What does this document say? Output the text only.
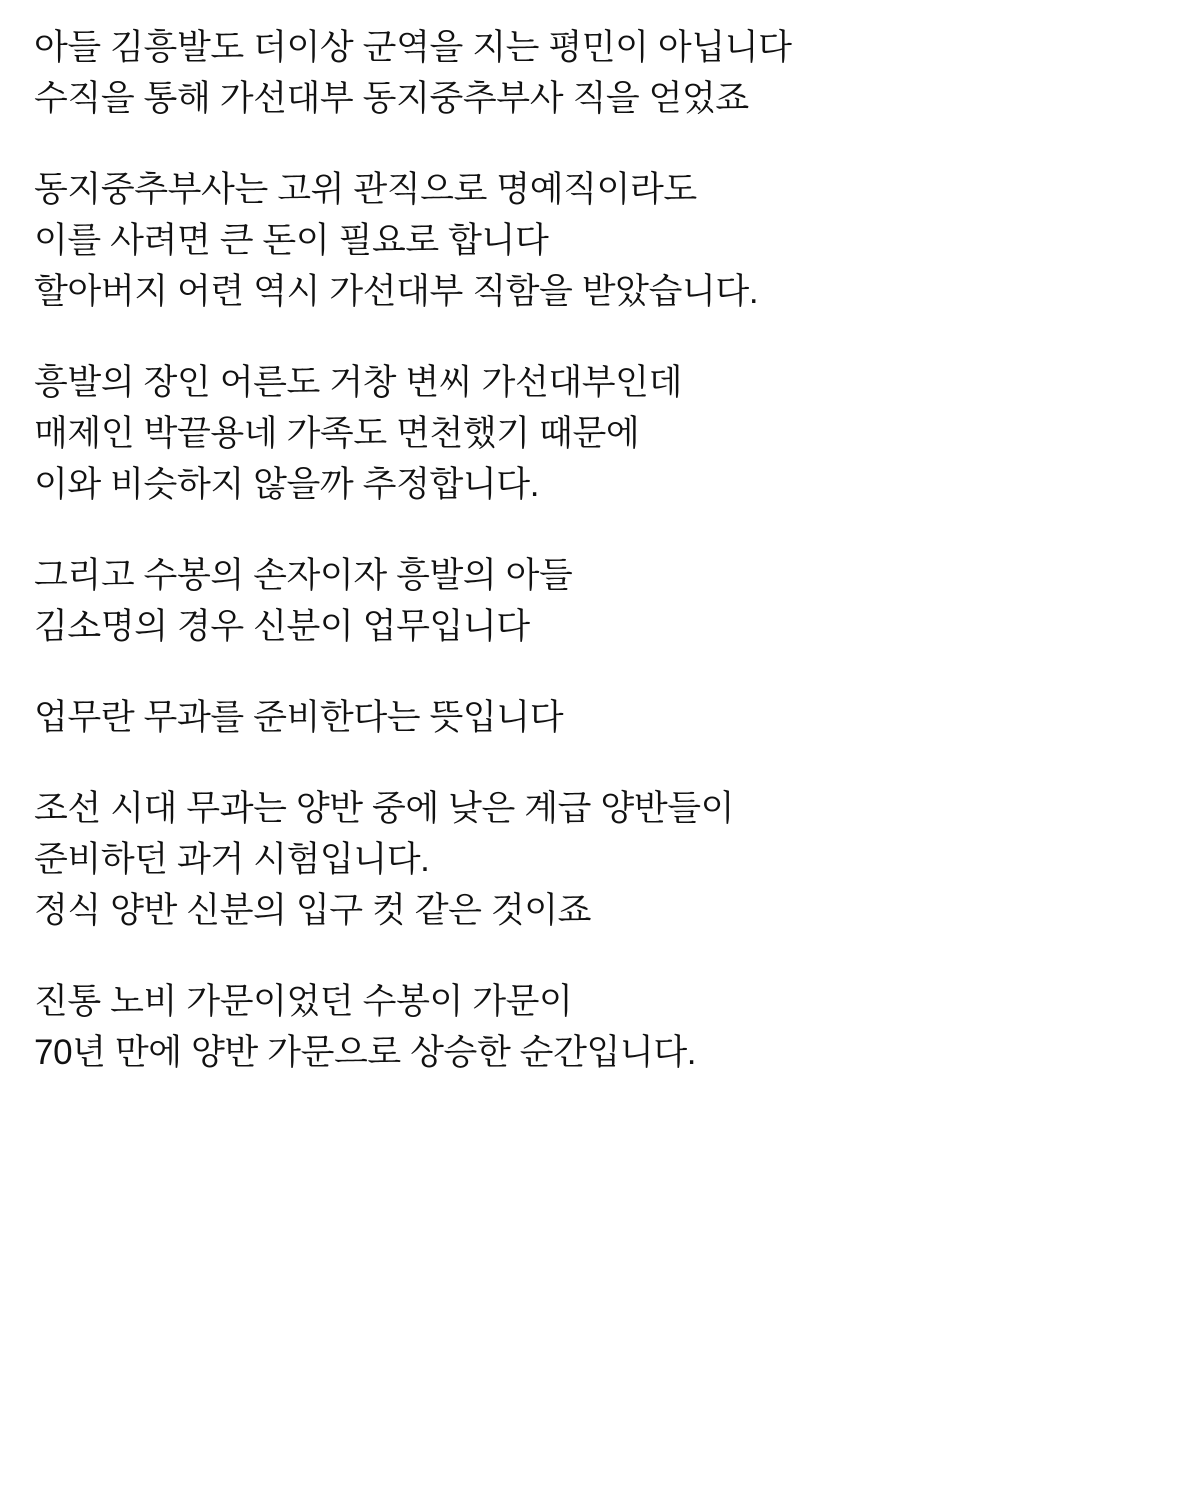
아들 김흥발도 더이상 군역을 지는 평민이 아닙니다
수직을 통해 가선대부 동지중추부사 직을 얻었죠
동지중추부사는 고위 관직으로 명예직이라도
이를 사려면 큰 돈이 필요로 합니다
할아버지 어련 역시 가선대부 직함을 받았습니다.
흥발의 장인 어른도 거창 변씨 가선대부인데
매제인 박끝용네 가족도 면천했기 때문에
이와 비슷하지 않을까 추정합니다.
그리고 수봉의 손자이자 흥발의 아들
김소명의 경우 신분이 업무입니다
업무란 무과를 준비한다는 뜻입니다
조선 시대 무과는 양반 중에 낮은 계급 양반들이
준비하던 과거 시험입니다.
정식 양반 신분의 입구 컷 같은 것이죠
진통 노비 가문이었던 수봉이 가문이
70년 만에 양반 가문으로 상승한 순간입니다.
